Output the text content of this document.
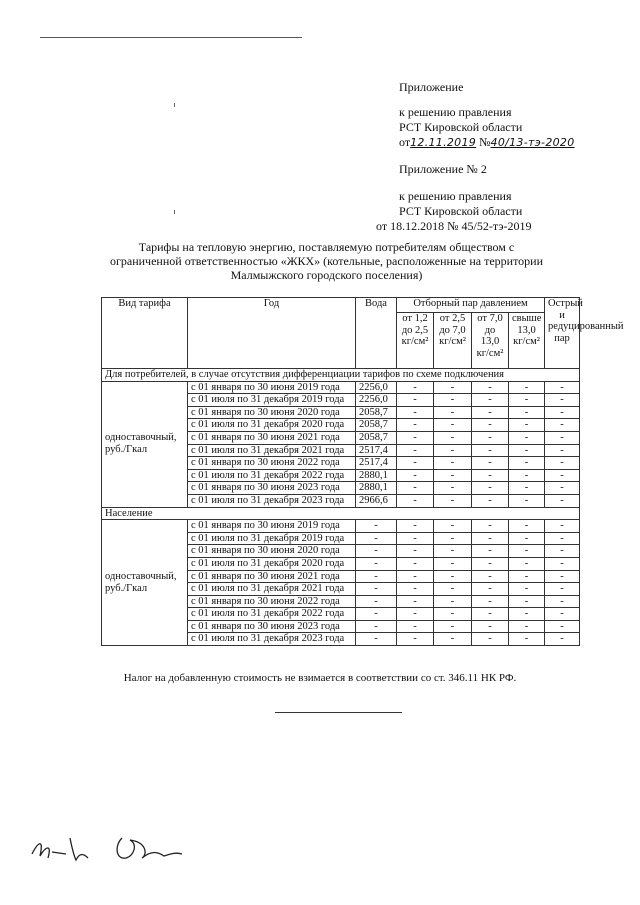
Приложение
к решению правления
РСТ Кировской области
от12.11.2019 №40/13-тэ-2020
Приложение № 2
к решению правления
РСТ Кировской области
от 18.12.2018 № 45/52-тэ-2019
Тарифы на тепловую энергию, поставляемую потребителям обществом с ограниченной ответственностью «ЖКХ» (котельные, расположенные на территории Малмыжского городского поселения)
Вид тарифа	Год	Вода	Отборный пар давлением				Острый и редуцированный пар
			от 1,2 до 2,5 кг/см²	от 2,5 до 7,0 кг/см²	от 7,0 до 13,0 кг/см²	свыше 13,0 кг/см²	
Для потребителей, в случае отсутствия дифференциации тарифов по схеме подключения							
одноставочный, руб./Гкал	с 01 января по 30 июня 2019 года	2256,0	-	-	-	-	-
	с 01 июля по 31 декабря 2019 года	2256,0	-	-	-	-	-
	с 01 января по 30 июня 2020 года	2058,7	-	-	-	-	-
	с 01 июля по 31 декабря 2020 года	2058,7	-	-	-	-	-
	с 01 января по 30 июня 2021 года	2058,7	-	-	-	-	-
	с 01 июля по 31 декабря 2021 года	2517,4	-	-	-	-	-
	с 01 января по 30 июня 2022 года	2517,4	-	-	-	-	-
	с 01 июля по 31 декабря 2022 года	2880,1	-	-	-	-	-
	с 01 января по 30 июня 2023 года	2880,1	-	-	-	-	-
	с 01 июля по 31 декабря 2023 года	2966,6	-	-	-	-	-
Население							
одноставочный, руб./Гкал	с 01 января по 30 июня 2019 года	-	-	-	-	-	-
	с 01 июля по 31 декабря 2019 года	-	-	-	-	-	-
	с 01 января по 30 июня 2020 года	-	-	-	-	-	-
	с 01 июля по 31 декабря 2020 года	-	-	-	-	-	-
	с 01 января по 30 июня 2021 года	-	-	-	-	-	-
	с 01 июля по 31 декабря 2021 года	-	-	-	-	-	-
	с 01 января по 30 июня 2022 года	-	-	-	-	-	-
	с 01 июля по 31 декабря 2022 года	-	-	-	-	-	-
	с 01 января по 30 июня 2023 года	-	-	-	-	-	-
	с 01 июля по 31 декабря 2023 года	-	-	-	-	-	-
Налог на добавленную стоимость не взимается в соответствии со ст. 346.11 НК РФ.
